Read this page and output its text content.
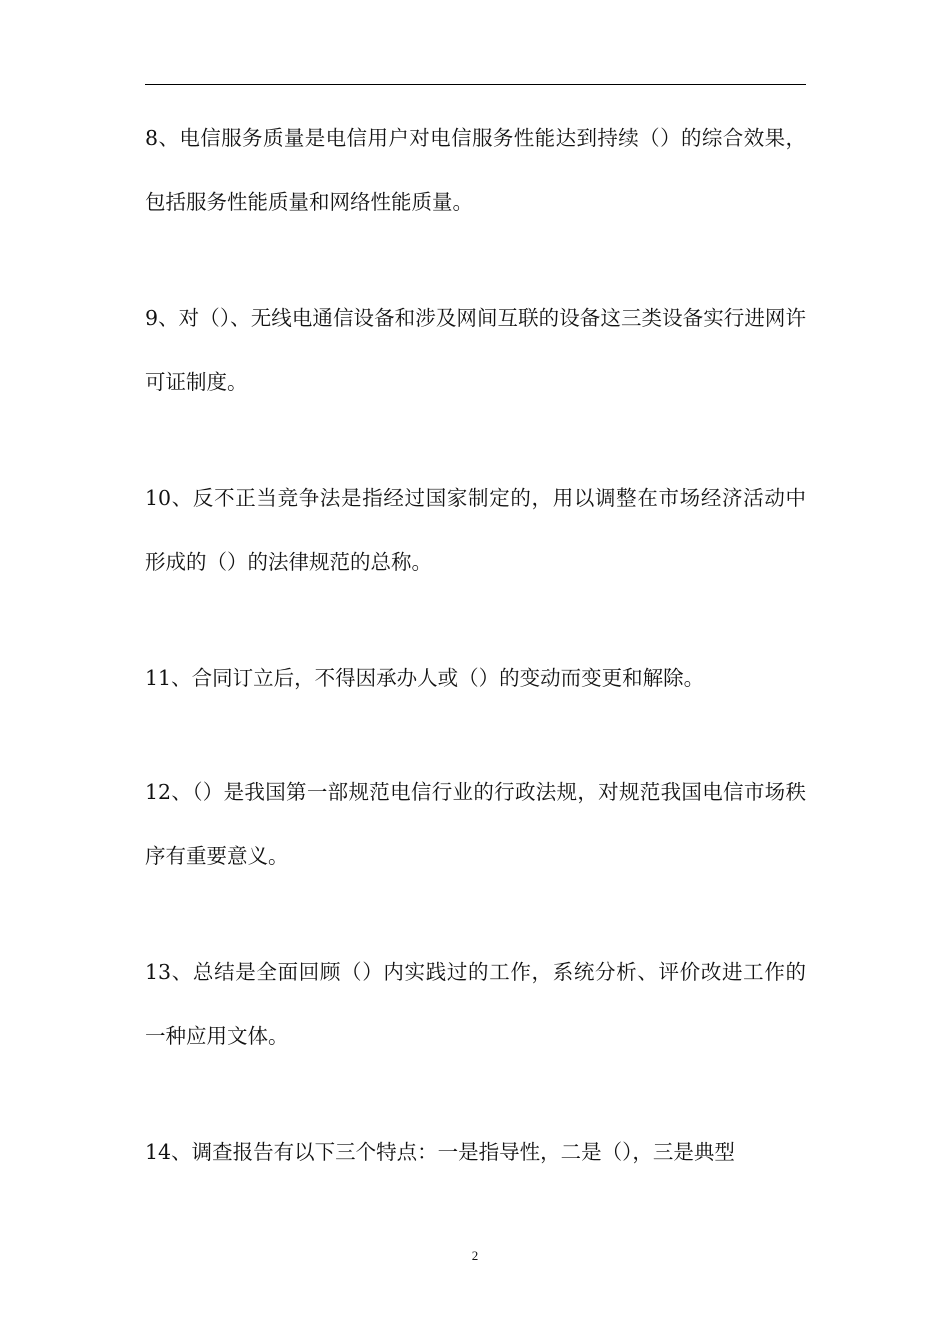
8、电信服务质量是电信用户对电信服务性能达到持续（）的综合效果，包括服务性能质量和网络性能质量。

9、对（）、无线电通信设备和涉及网间互联的设备这三类设备实行进网许可证制度。

10、反不正当竞争法是指经过国家制定的，用以调整在市场经济活动中形成的（）的法律规范的总称。

11、合同订立后，不得因承办人或（）的变动而变更和解除。

12、（）是我国第一部规范电信行业的行政法规，对规范我国电信市场秩序有重要意义。

13、总结是全面回顾（）内实践过的工作，系统分析、评价改进工作的一种应用文体。

14、调查报告有以下三个特点：一是指导性，二是（），三是典型

2
